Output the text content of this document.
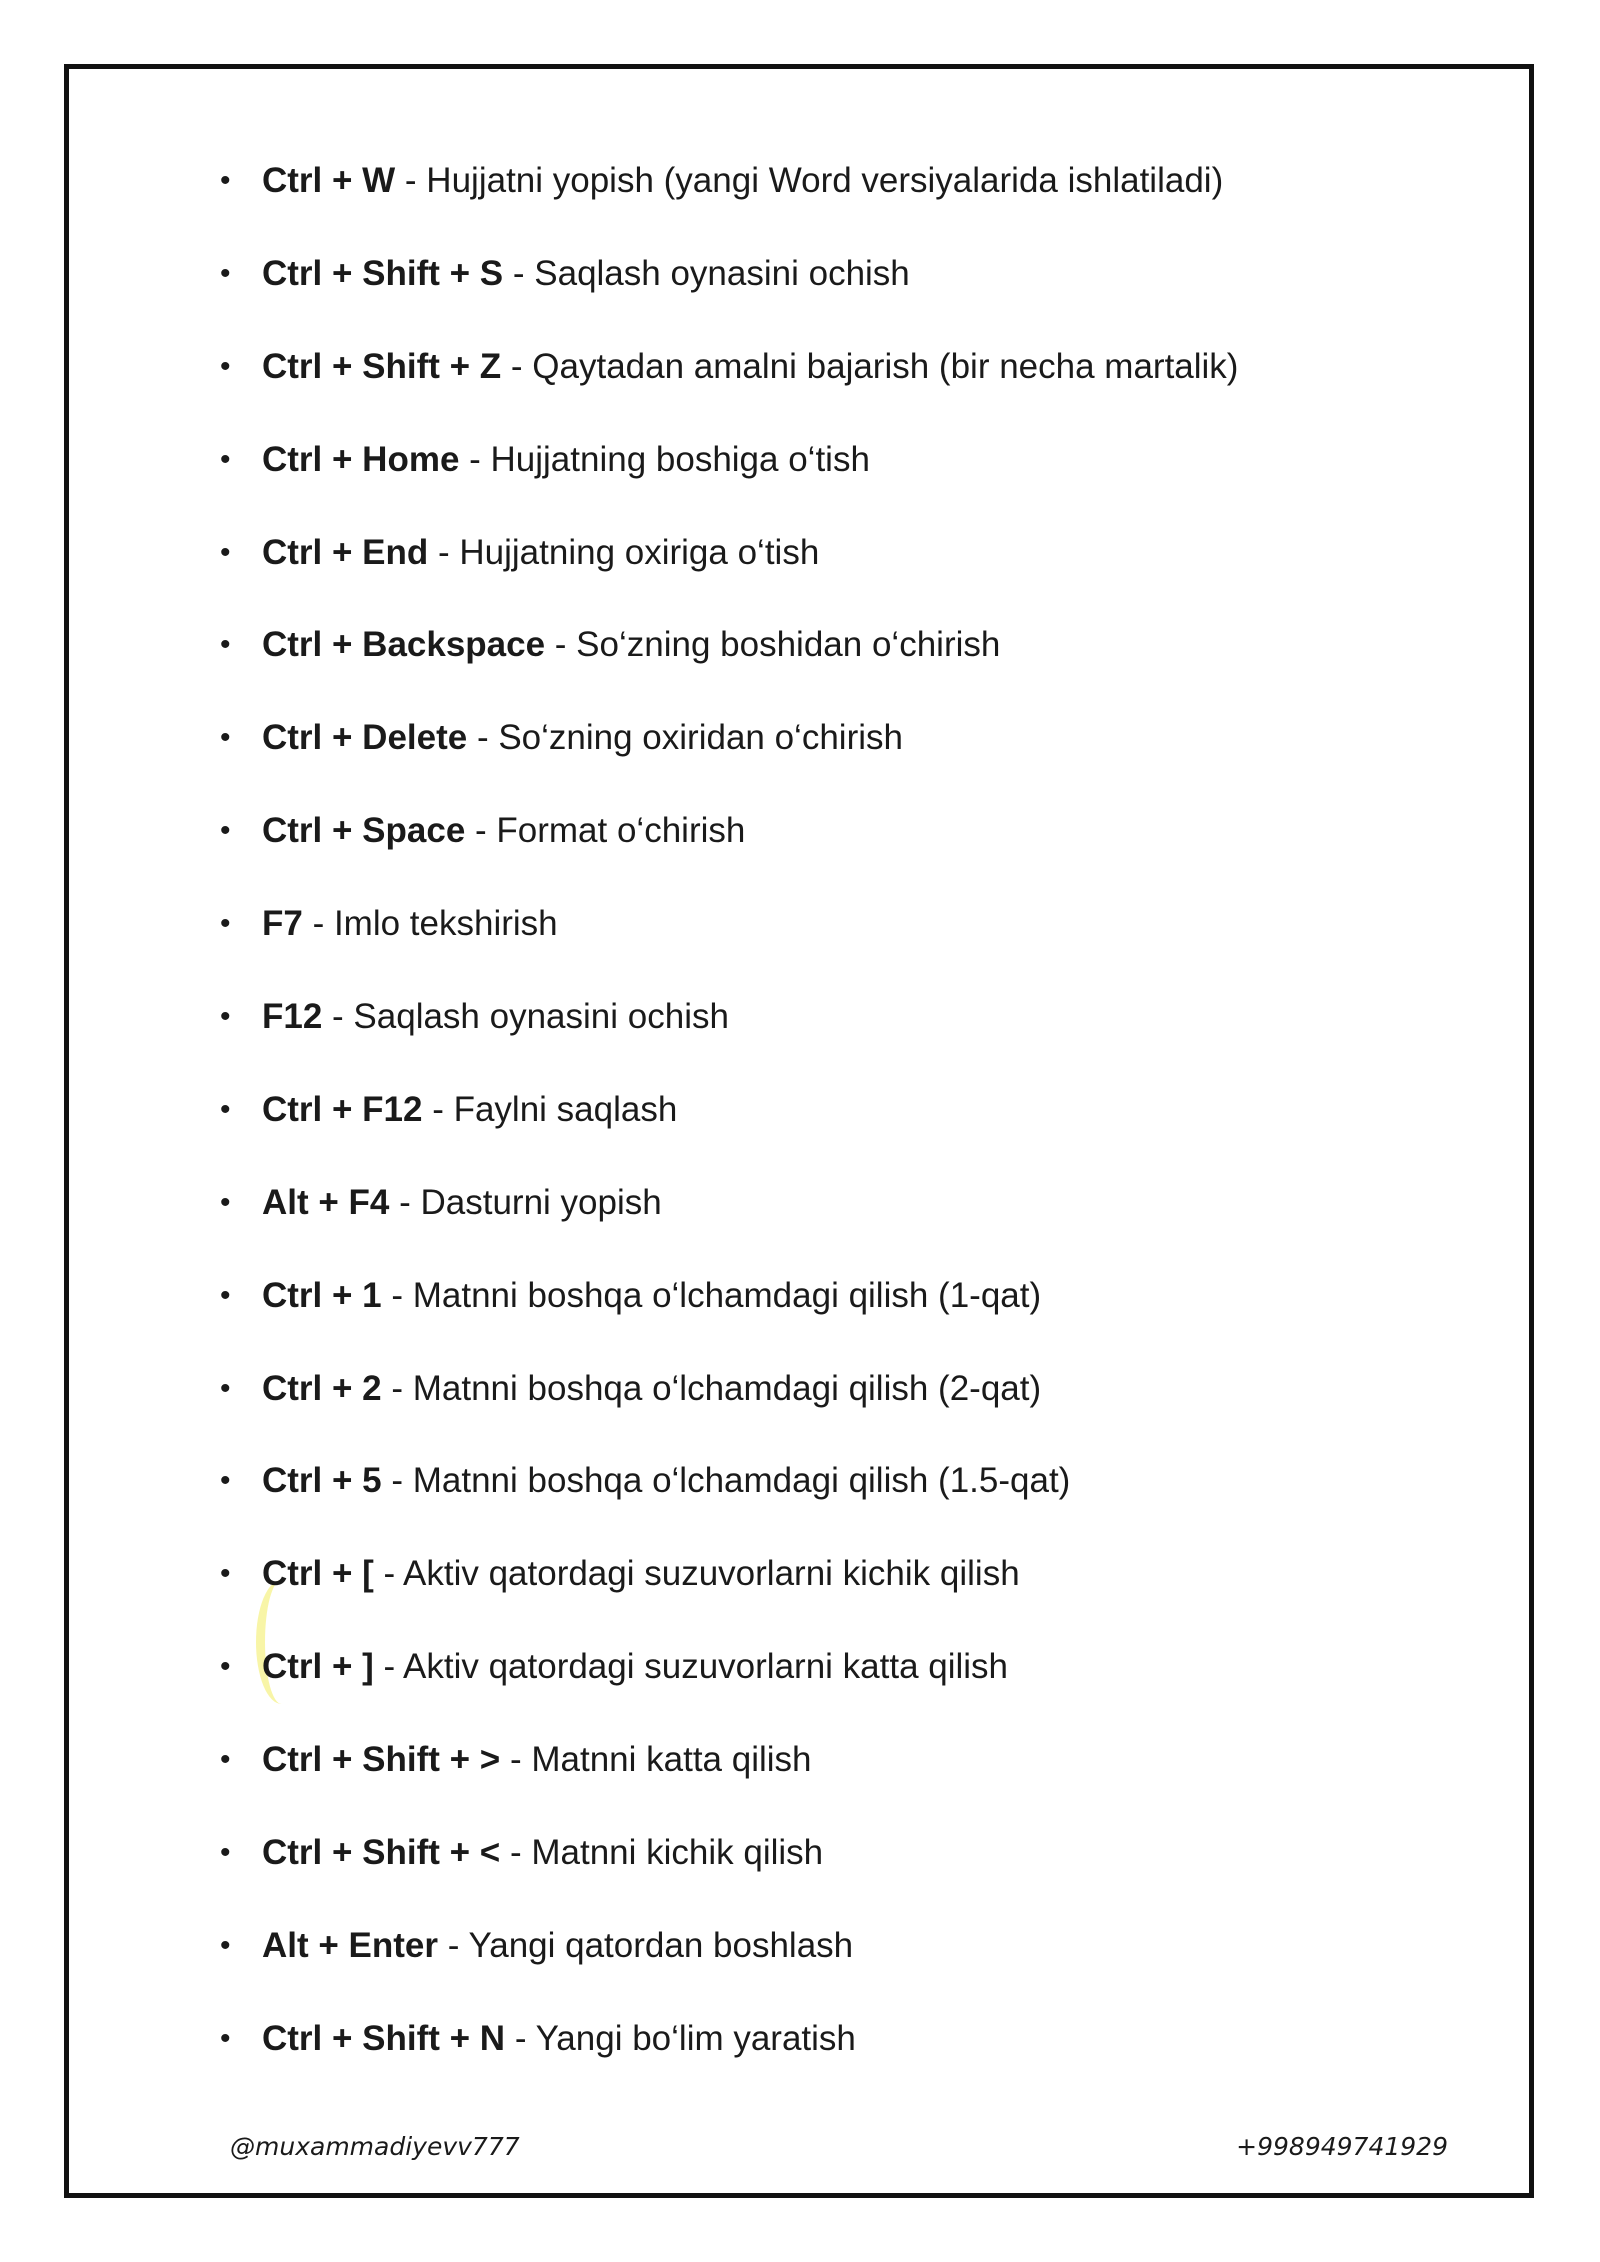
• Ctrl + W - Hujjatni yopish (yangi Word versiyalarida ishlatiladi)
• Ctrl + Shift + S - Saqlash oynasini ochish
• Ctrl + Shift + Z - Qaytadan amalni bajarish (bir necha martalik)
• Ctrl + Home - Hujjatning boshiga o‘tish
• Ctrl + End - Hujjatning oxiriga o‘tish
• Ctrl + Backspace - So‘zning boshidan o‘chirish
• Ctrl + Delete - So‘zning oxiridan o‘chirish
• Ctrl + Space - Format o‘chirish
• F7 - Imlo tekshirish
• F12 - Saqlash oynasini ochish
• Ctrl + F12 - Faylni saqlash
• Alt + F4 - Dasturni yopish
• Ctrl + 1 - Matnni boshqa o‘lchamdagi qilish (1-qat)
• Ctrl + 2 - Matnni boshqa o‘lchamdagi qilish (2-qat)
• Ctrl + 5 - Matnni boshqa o‘lchamdagi qilish (1.5-qat)
• Ctrl + [ - Aktiv qatordagi suzuvorlarni kichik qilish
• Ctrl + ] - Aktiv qatordagi suzuvorlarni katta qilish
• Ctrl + Shift + > - Matnni katta qilish
• Ctrl + Shift + < - Matnni kichik qilish
• Alt + Enter - Yangi qatordan boshlash
• Ctrl + Shift + N - Yangi bo‘lim yaratish
@muxammadiyevv777	+998949741929
